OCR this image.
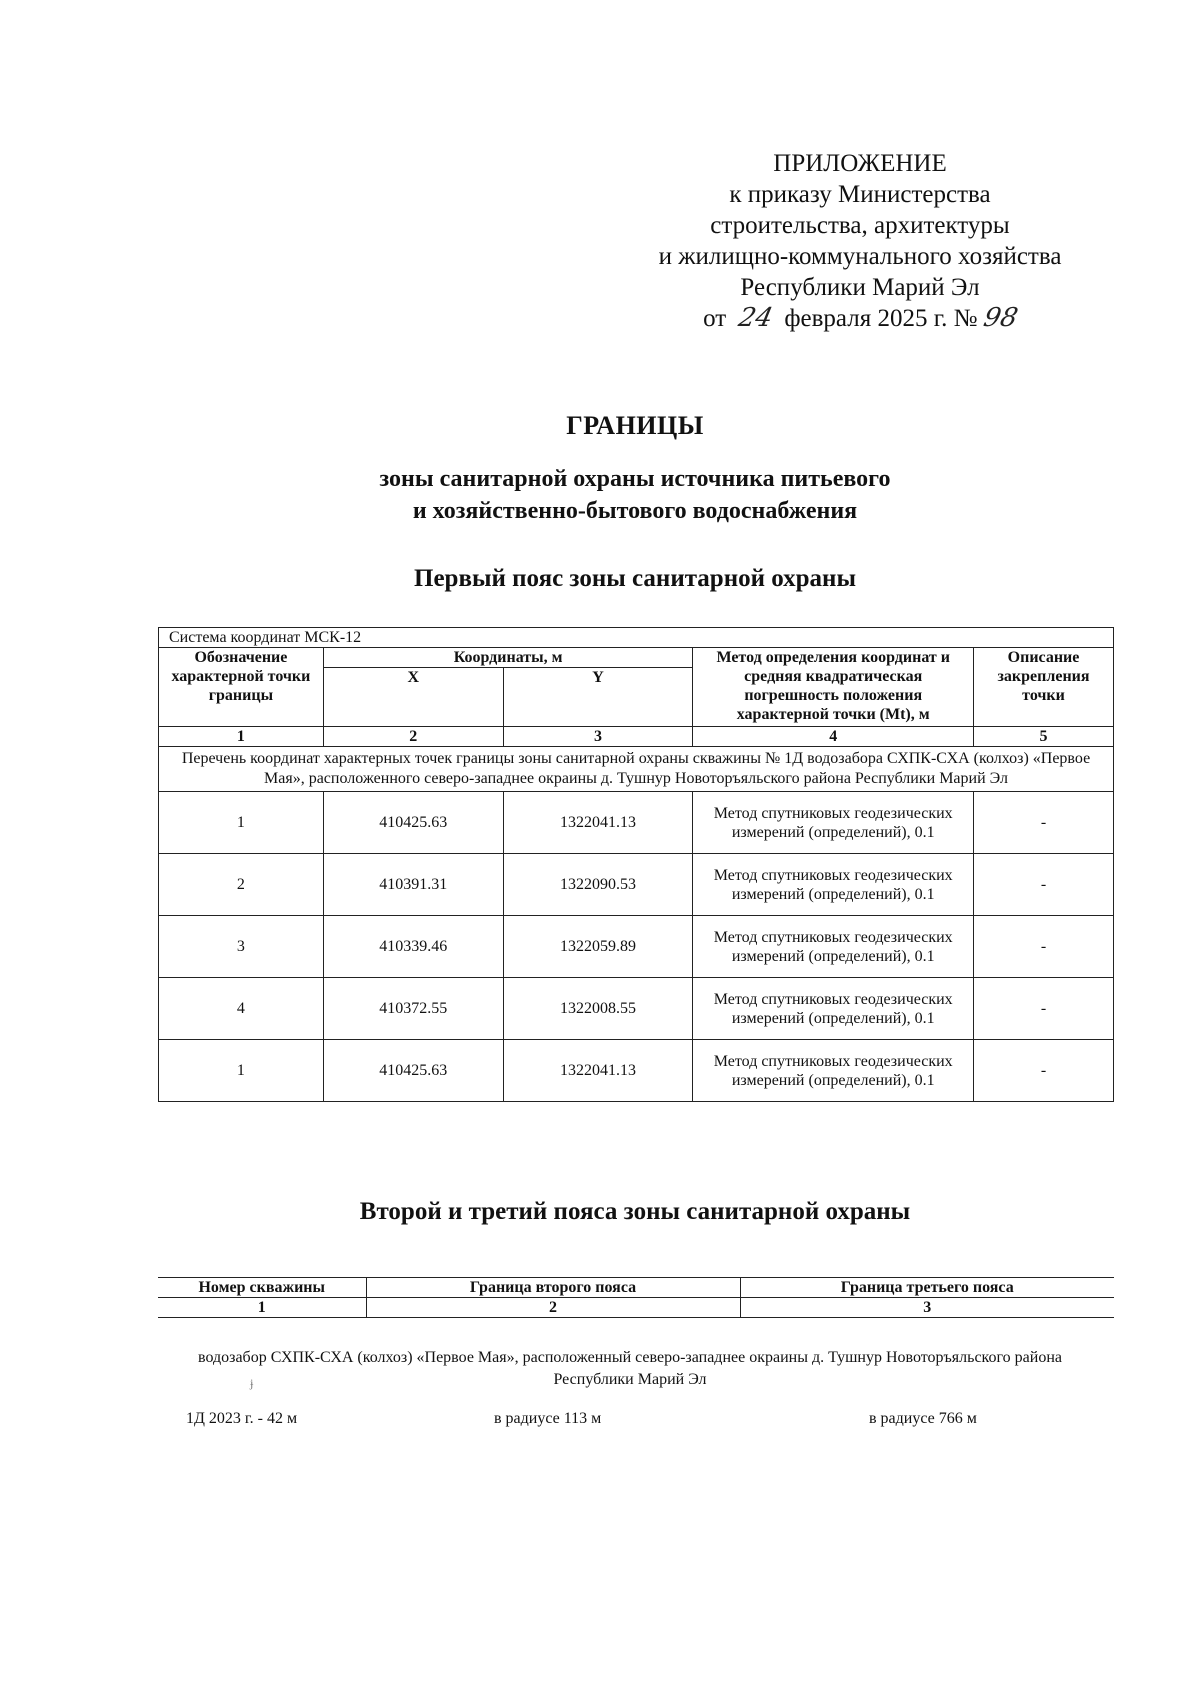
ПРИЛОЖЕНИЕ
к приказу Министерства
строительства, архитектуры
и жилищно-коммунального хозяйства
Республики Марий Эл
от 24 февраля 2025 г. № 98
ГРАНИЦЫ
зоны санитарной охраны источника питьевого
и хозяйственно-бытового водоснабжения
Первый пояс зоны санитарной охраны
Система координат МСК-12				
Обозначение характерной точки границы	Координаты, м		Метод определения координат и средняя квадратическая погрешность положения характерной точки (Mt), м	Описание закрепления точки
	X	Y		
1	2	3	4	5
Перечень координат характерных точек границы зоны санитарной охраны скважины № 1Д водозабора СХПК-СХА (колхоз) «Первое Мая», расположенного северо-западнее окраины д. Тушнур Новоторъяльского района Республики Марий Эл				
1	410425.63	1322041.13	Метод спутниковых геодезических измерений (определений), 0.1	-
2	410391.31	1322090.53	Метод спутниковых геодезических измерений (определений), 0.1	-
3	410339.46	1322059.89	Метод спутниковых геодезических измерений (определений), 0.1	-
4	410372.55	1322008.55	Метод спутниковых геодезических измерений (определений), 0.1	-
1	410425.63	1322041.13	Метод спутниковых геодезических измерений (определений), 0.1	-
Второй и третий пояса зоны санитарной охраны
Номер скважины	Граница второго пояса	Граница третьего пояса
1	2	3
водозабор СХПК-СХА (колхоз) «Первое Мая», расположенный северо-западнее окраины д. Тушнур Новоторъяльского района Республики Марий Эл
ɉ
1Д 2023 г. - 42 м	в радиусе 113 м	в радиусе 766 м
